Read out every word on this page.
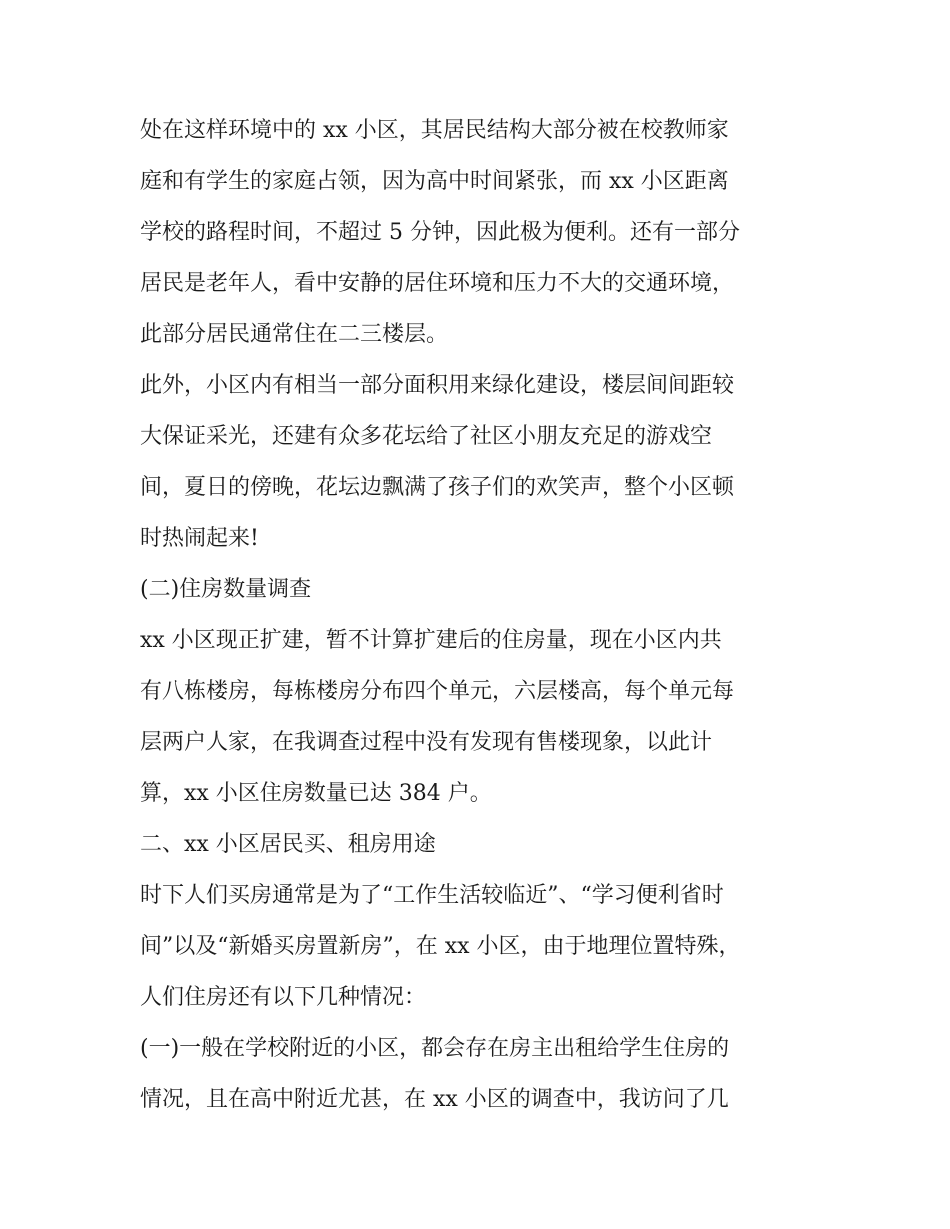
处在这样环境中的 xx 小区，其居民结构大部分被在校教师家
庭和有学生的家庭占领，因为高中时间紧张，而 xx 小区距离
学校的路程时间，不超过 5 分钟，因此极为便利。还有一部分
居民是老年人，看中安静的居住环境和压力不大的交通环境，
此部分居民通常住在二三楼层。
此外，小区内有相当一部分面积用来绿化建设，楼层间间距较
大保证采光，还建有众多花坛给了社区小朋友充足的游戏空
间，夏日的傍晚，花坛边飘满了孩子们的欢笑声，整个小区顿
时热闹起来!
(二)住房数量调查
xx 小区现正扩建，暂不计算扩建后的住房量，现在小区内共
有八栋楼房，每栋楼房分布四个单元，六层楼高，每个单元每
层两户人家，在我调查过程中没有发现有售楼现象，以此计
算，xx 小区住房数量已达 384 户。
二、xx 小区居民买、租房用途
时下人们买房通常是为了“工作生活较临近”、“学习便利省时
间”以及“新婚买房置新房”，在 xx 小区，由于地理位置特殊，
人们住房还有以下几种情况：
(一)一般在学校附近的小区，都会存在房主出租给学生住房的
情况，且在高中附近尤甚，在 xx 小区的调查中，我访问了几
